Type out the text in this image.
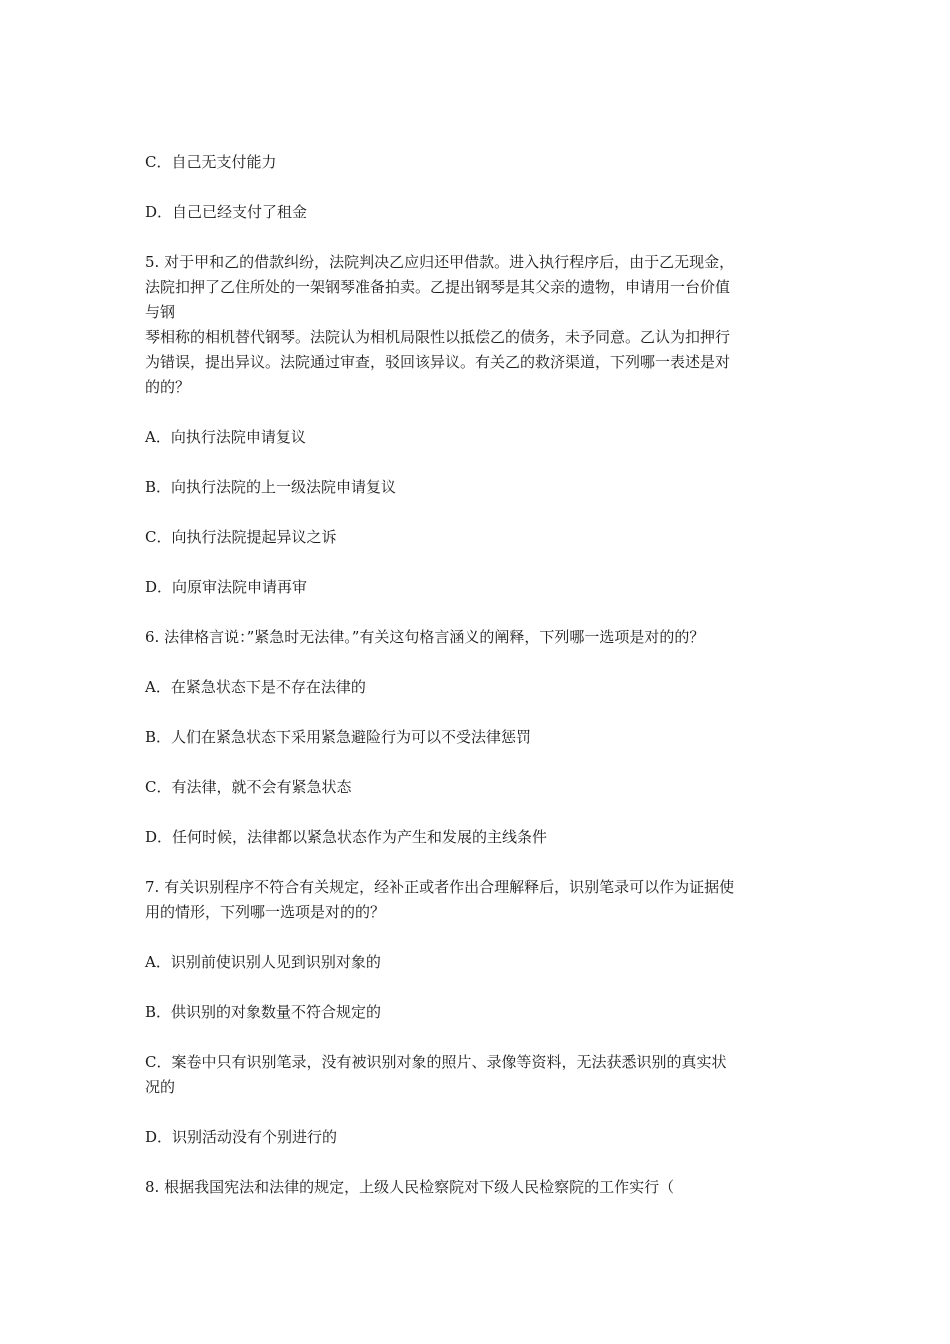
C．自己无支付能力
D．自己已经支付了租金
5. 对于甲和乙的借款纠纷，法院判决乙应归还甲借款。进入执行程序后，由于乙无现金，
法院扣押了乙住所处的一架钢琴准备拍卖。乙提出钢琴是其父亲的遗物，申请用一台价值
与钢
琴相称的相机替代钢琴。法院认为相机局限性以抵偿乙的债务，未予同意。乙认为扣押行
为错误，提出异议。法院通过审查，驳回该异议。有关乙的救济渠道，下列哪一表述是对
的的？
A．向执行法院申请复议
B．向执行法院的上一级法院申请复议
C．向执行法院提起异议之诉
D．向原审法院申请再审
6. 法律格言说：”紧急时无法律。”有关这句格言涵义的阐释，下列哪一选项是对的的？
A．在紧急状态下是不存在法律的
B．人们在紧急状态下采用紧急避险行为可以不受法律惩罚
C．有法律，就不会有紧急状态
D．任何时候，法律都以紧急状态作为产生和发展的主线条件
7. 有关识别程序不符合有关规定，经补正或者作出合理解释后，识别笔录可以作为证据使
用的情形，下列哪一选项是对的的？
A．识别前使识别人见到识别对象的
B．供识别的对象数量不符合规定的
C．案卷中只有识别笔录，没有被识别对象的照片、录像等资料，无法获悉识别的真实状
况的
D．识别活动没有个别进行的
8. 根据我国宪法和法律的规定，上级人民检察院对下级人民检察院的工作实行（
